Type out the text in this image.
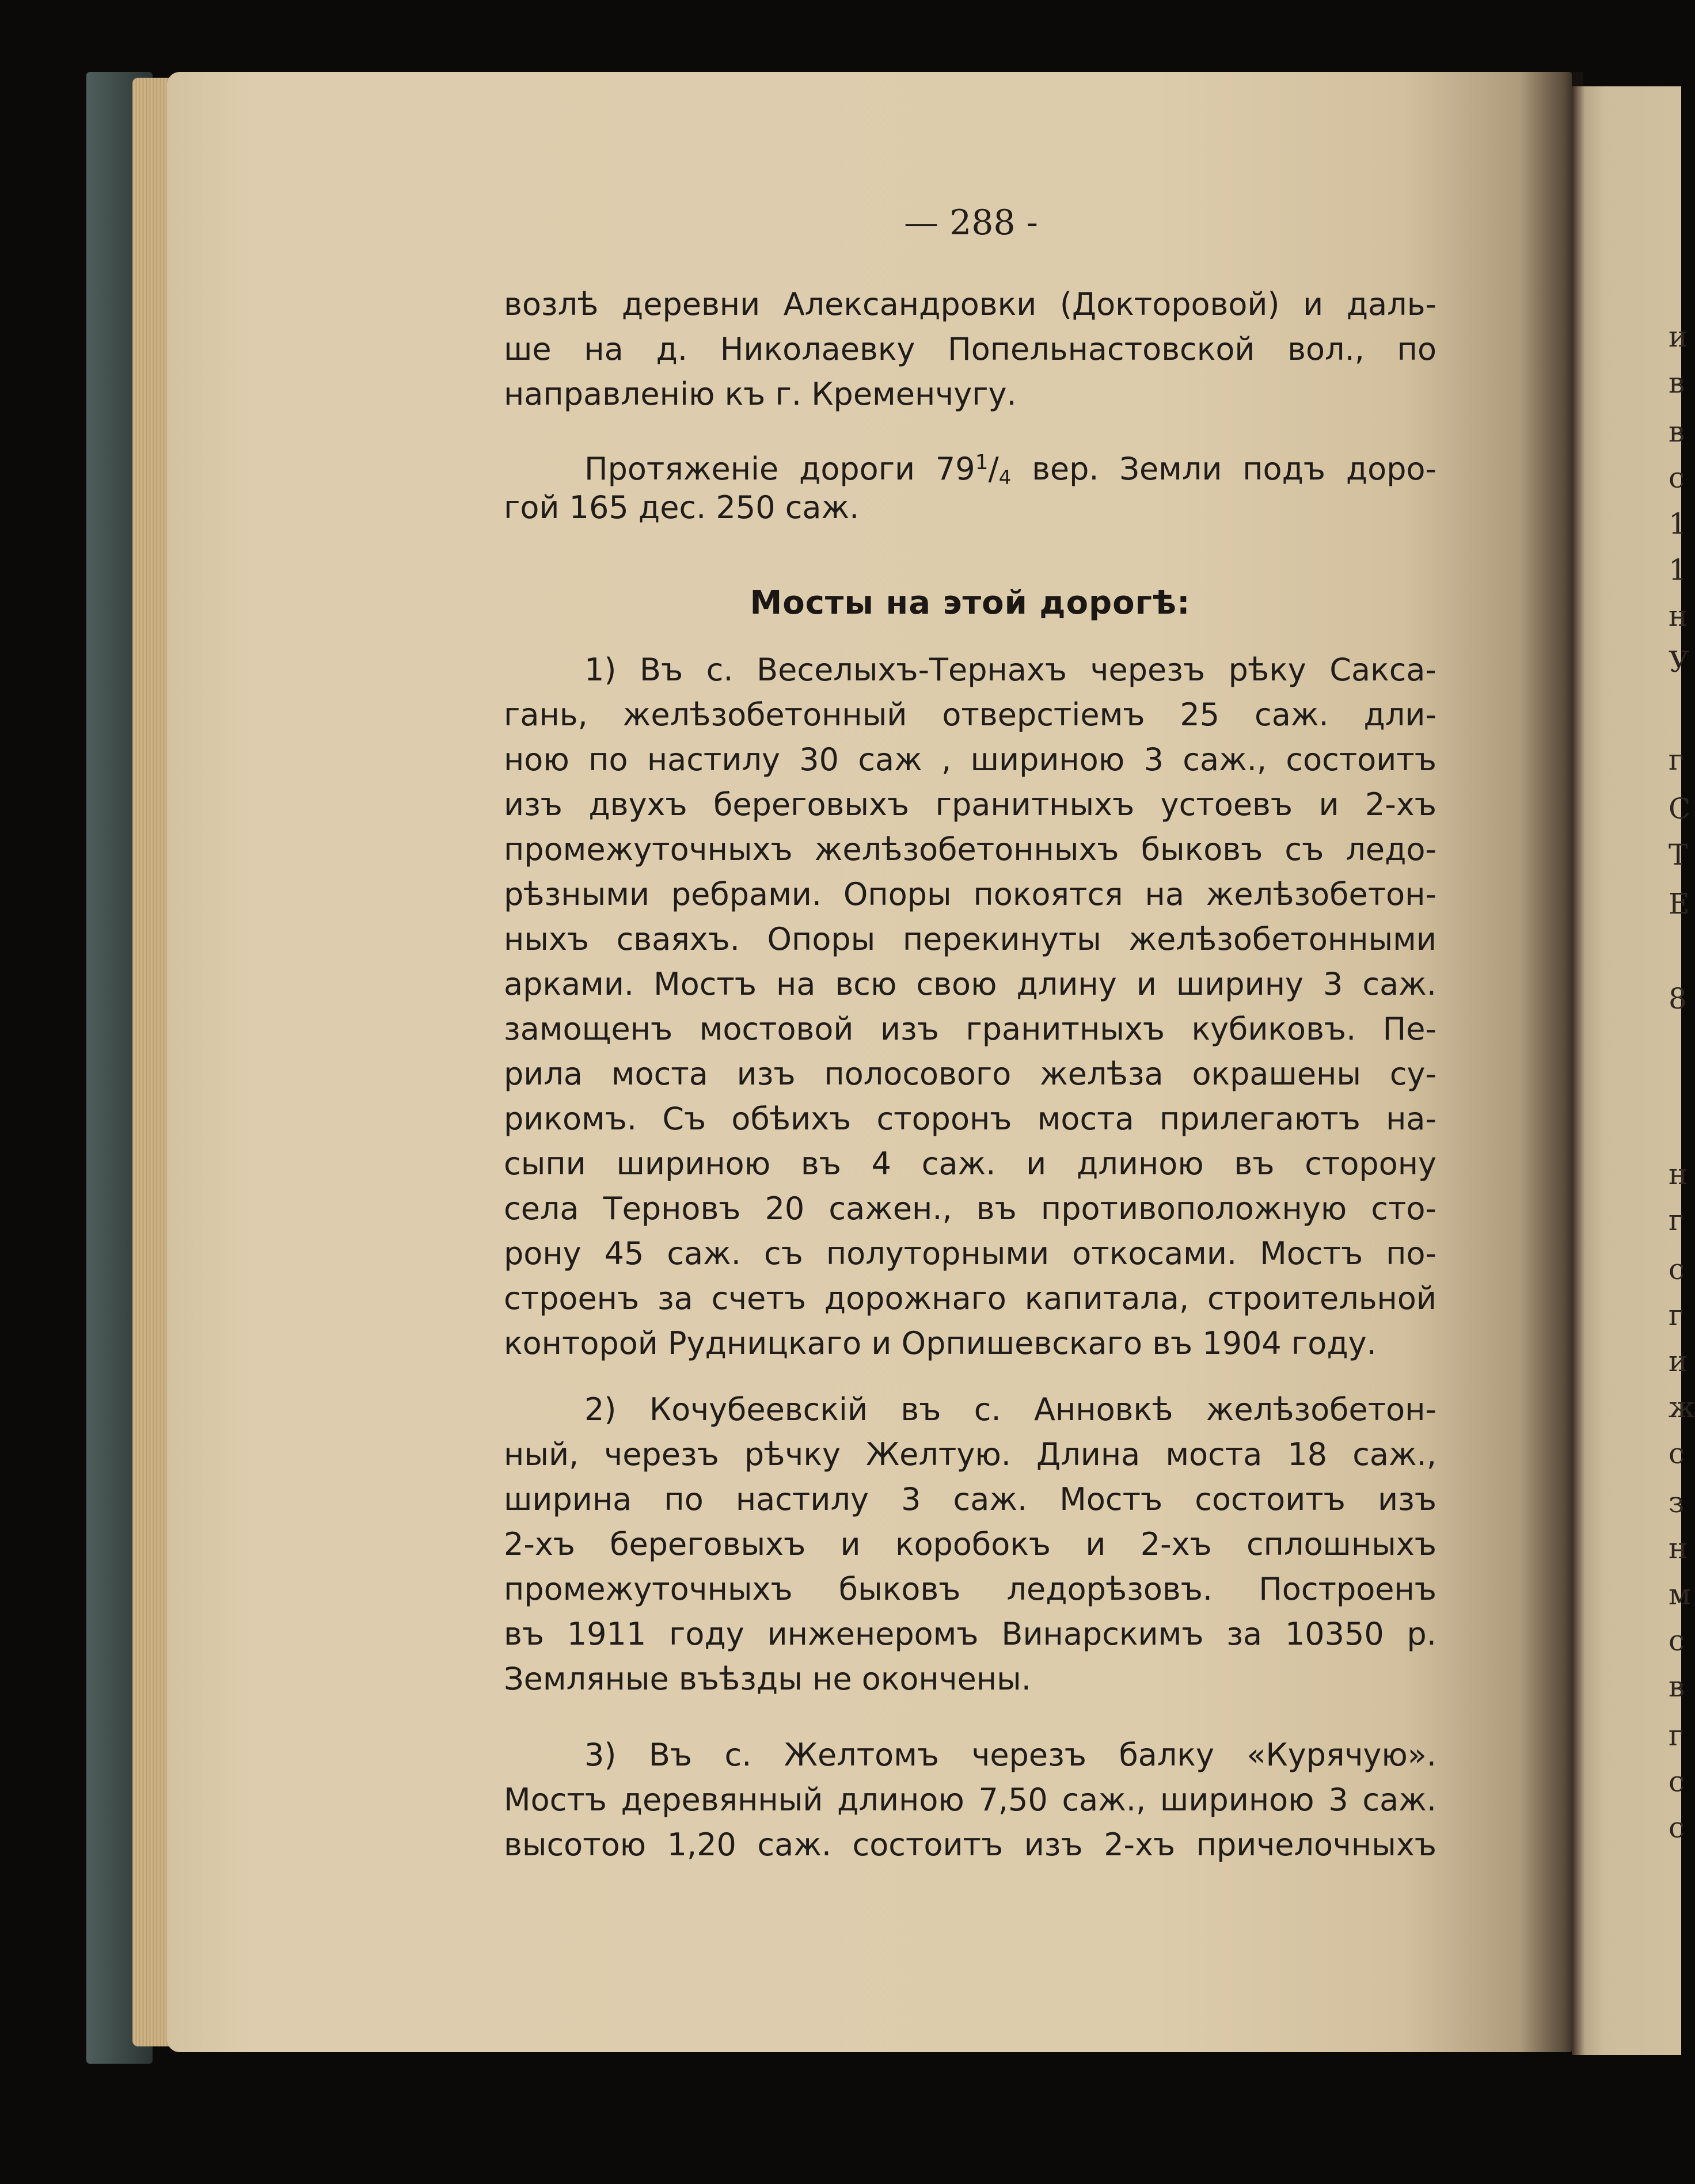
и
в
в
с
1
1
н
У
г
С
Т
Е
8
н
г
с
г
и
ж
с
з
н
м
с
в
г
с
с
— 288 -
возлѣ деревни Александровки (Докторовой) и даль-
ше на д. Николаевку Попельнастовской вол., по
направленію къ г. Кременчугу.
Протяженіе дороги $79^1/4$ вер. Земли подъ доро-
гой 165 дес. 250 саж.
Мосты на этой дорогѣ:
1) Въ с. Веселыхъ-Тернахъ черезъ рѣку Сакса-
гань, желѣзобетонный отверстіемъ 25 саж. дли-
ною по настилу 30 саж , шириною 3 саж., состоитъ
изъ двухъ береговыхъ гранитныхъ устоевъ и 2-хъ
промежуточныхъ желѣзобетонныхъ быковъ съ ледо-
рѣзными ребрами. Опоры покоятся на желѣзобетон-
ныхъ сваяхъ. Опоры перекинуты желѣзобетонными
арками. Мостъ на всю свою длину и ширину 3 саж.
замощенъ мостовой изъ гранитныхъ кубиковъ. Пе-
рила моста изъ полосового желѣза окрашены су-
рикомъ. Съ обѣихъ сторонъ моста прилегаютъ на-
сыпи шириною въ 4 саж. и длиною въ сторону
села Терновъ 20 сажен., въ противоположную сто-
рону 45 саж. съ полуторными откосами. Мостъ по-
строенъ за счетъ дорожнаго капитала, строительной
конторой Рудницкаго и Орпишевскаго въ 1904 году.
2) Кочубеевскій въ с. Анновкѣ желѣзобетон-
ный, черезъ рѣчку Желтую. Длина моста 18 саж.,
ширина по настилу 3 саж. Мостъ состоитъ изъ
2-хъ береговыхъ и коробокъ и 2-хъ сплошныхъ
промежуточныхъ быковъ ледорѣзовъ. Построенъ
въ 1911 году инженеромъ Винарскимъ за 10350 р.
Земляные въѣзды не окончены.
3) Въ с. Желтомъ черезъ балку «Курячую».
Мостъ деревянный длиною 7,50 саж., шириною 3 саж.
высотою 1,20 саж. состоитъ изъ 2-хъ причелочныхъ
